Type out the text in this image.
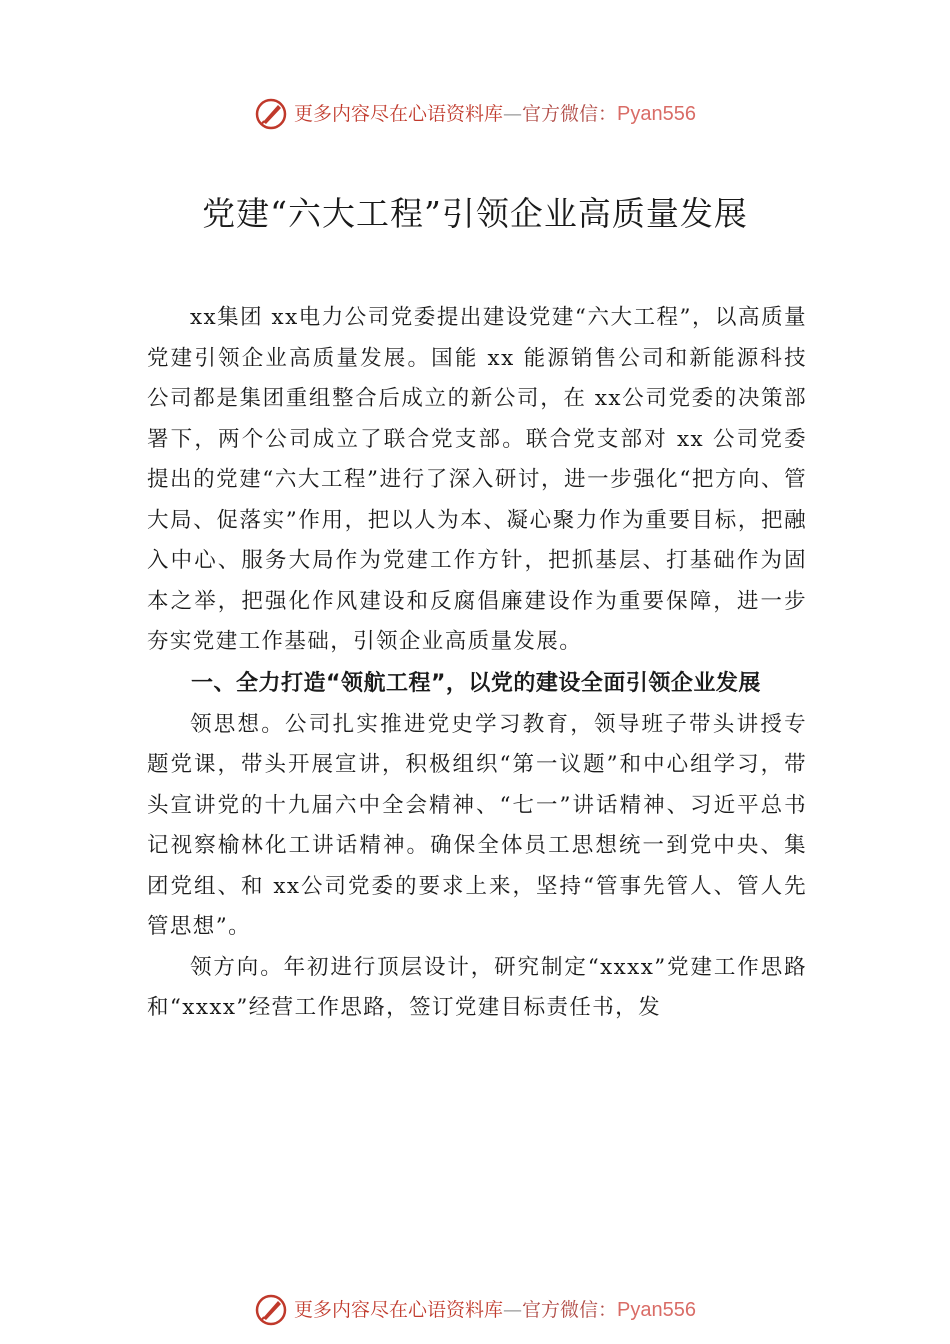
更多内容尽在心语资料库—官方微信：Pyan556
党建“六大工程”引领企业高质量发展

xx集团 xx电力公司党委提出建设党建“六大工程”，以高质量党建引领企业高质量发展。国能 xx 能源销售公司和新能源科技公司都是集团重组整合后成立的新公司，在 xx公司党委的决策部署下，两个公司成立了联合党支部。联合党支部对 xx 公司党委提出的党建“六大工程”进行了深入研讨，进一步强化“把方向、管大局、促落实”作用，把以人为本、凝心聚力作为重要目标，把融入中心、服务大局作为党建工作方针，把抓基层、打基础作为固本之举，把强化作风建设和反腐倡廉建设作为重要保障，进一步夯实党建工作基础，引领企业高质量发展。

一、全力打造“领航工程”，以党的建设全面引领企业发展

领思想。公司扎实推进党史学习教育，领导班子带头讲授专题党课，带头开展宣讲，积极组织“第一议题”和中心组学习，带头宣讲党的十九届六中全会精神、“七一”讲话精神、习近平总书记视察榆林化工讲话精神。确保全体员工思想统一到党中央、集团党组、和 xx公司党委的要求上来，坚持“管事先管人、管人先管思想”。

领方向。年初进行顶层设计，研究制定“xxxx”党建工作思路和“xxxx”经营工作思路，签订党建目标责任书，发

更多内容尽在心语资料库—官方微信：Pyan556
